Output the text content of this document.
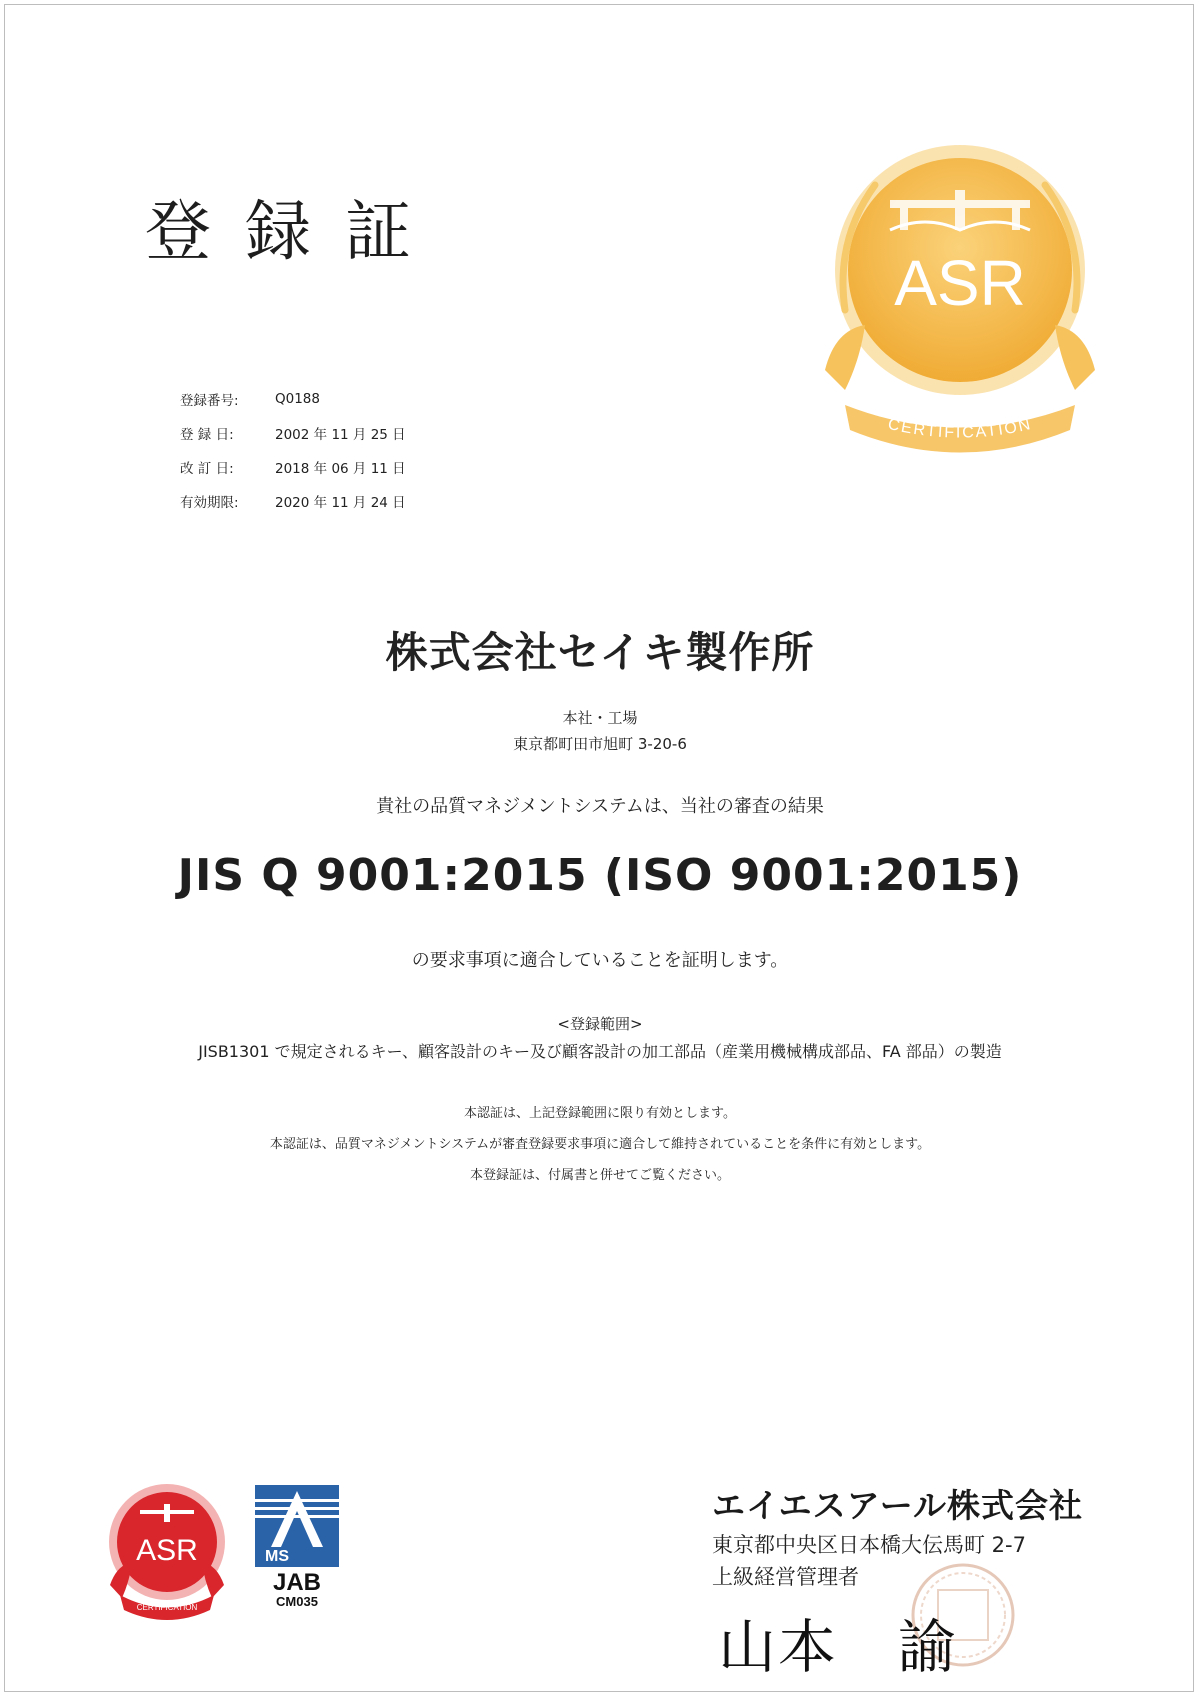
登録証
登録番号:	Q0188
登 録 日:	2002 年 11 月 25 日
改 訂 日:	2018 年 06 月 11 日
有効期限:	2020 年 11 月 24 日
ASR
CERTIFICATION
株式会社セイキ製作所
本社・工場
東京都町田市旭町 3-20-6
貴社の品質マネジメントシステムは、当社の審査の結果
JIS Q 9001:2015 (ISO 9001:2015)
の要求事項に適合していることを証明します。
<登録範囲>
JISB1301 で規定されるキー、顧客設計のキー及び顧客設計の加工部品（産業用機械構成部品、FA 部品）の製造
本認証は、上記登録範囲に限り有効とします。
本認証は、品質マネジメントシステムが審査登録要求事項に適合して維持されていることを条件に有効とします。
本登録証は、付属書と併せてご覧ください。
ASR
CERTIFICATION
MS
JAB
CM035
エイエスアール株式会社
東京都中央区日本橋大伝馬町 2-7
上級経営管理者
山本　諭
